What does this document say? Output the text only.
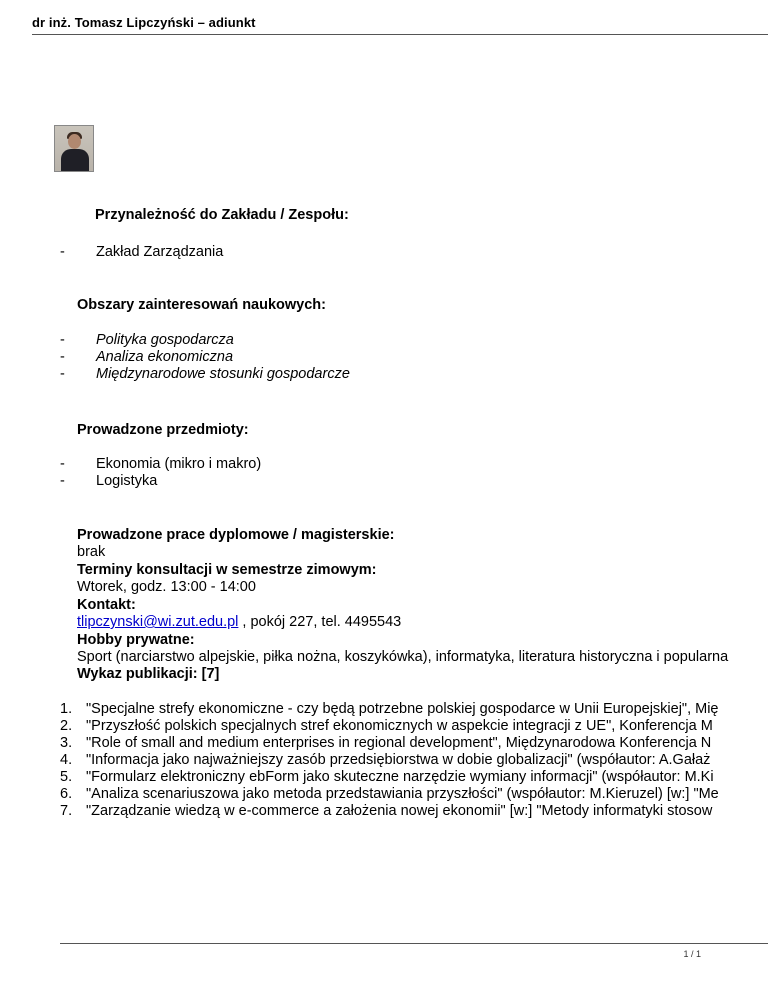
dr inż. Tomasz Lipczyński – adiunkt
Przynależność do Zakładu / Zespołu:
- Zakład Zarządzania
Obszary zainteresowań naukowych:
- Polityka gospodarcza
- Analiza ekonomiczna
- Międzynarodowe stosunki gospodarcze
Prowadzone przedmioty:
- Ekonomia (mikro i makro)
- Logistyka
Prowadzone prace dyplomowe / magisterskie:
brak
Terminy konsultacji w semestrze zimowym:
Wtorek, godz. 13:00 - 14:00
Kontakt:
tlipczynski@wi.zut.edu.pl , pokój 227, tel. 4495543
Hobby prywatne:
Sport (narciarstwo alpejskie, piłka nożna, koszykówka), informatyka, literatura historyczna i popularna
Wykaz publikacji: [7]
1. "Specjalne strefy ekonomiczne - czy będą potrzebne polskiej gospodarce w Unii Europejskiej", Mię
2. "Przyszłość polskich specjalnych stref ekonomicznych w aspekcie integracji z UE", Konferencja M
3. "Role of small and medium enterprises in regional development", Międzynarodowa Konferencja N
4. "Informacja jako najważniejszy zasób przedsiębiorstwa w dobie globalizacji" (współautor: A.Gałaż
5. "Formularz elektroniczny ebForm jako skuteczne narzędzie wymiany informacji" (współautor: M.Ki
6. "Analiza scenariuszowa jako metoda przedstawiania przyszłości" (współautor: M.Kieruzel) [w:] "Me
7. "Zarządzanie wiedzą w e-commerce a założenia nowej ekonomii" [w:] "Metody informatyki stosow
1 / 1
